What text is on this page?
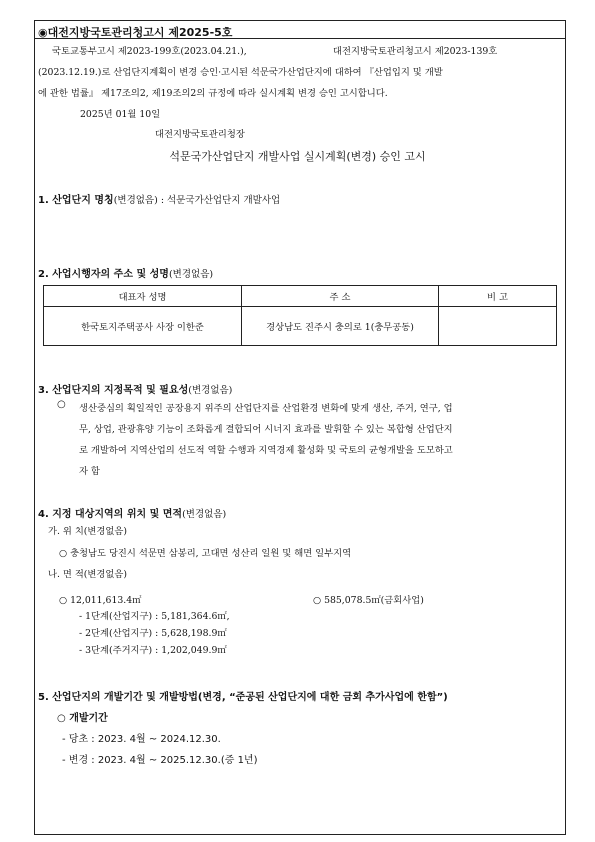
◉대전지방국토관리청고시 제2025-5호
국토교통부고시 제2023-199호(2023.04.21.),	대전지방국토관리청고시 제2023-139호
(2023.12.19.)로 산업단지계획이 변경 승인·고시된 석문국가산업단지에 대하여 『산업입지 및 개발
에 관한 법률』 제17조의2, 제19조의2의 규정에 따라 실시계획 변경 승인 고시합니다.
2025년 01월 10일
대전지방국토관리청장
석문국가산업단지 개발사업 실시계획(변경) 승인 고시
1. 산업단지 명칭(변경없음) : 석문국가산업단지 개발사업
2. 사업시행자의 주소 및 성명(변경없음)
대표자 성명	주 소	비 고
한국토지주택공사 사장 이한준	경상남도 진주시 충의로 1(충무공동)	
3. 산업단지의 지정목적 및 필요성(변경없음)
○ 생산중심의 획일적인 공장용지 위주의 산업단지를 산업환경 변화에 맞게 생산, 주거, 연구, 업
무, 상업, 관광휴양 기능이 조화롭게 결합되어 시너지 효과를 발휘할 수 있는 복합형 산업단지
로 개발하여 지역산업의 선도적 역할 수행과 지역경제 활성화 및 국토의 균형개발을 도모하고
자 함
4. 지정 대상지역의 위치 및 면적(변경없음)
가. 위 치(변경없음)
○ 충청남도 당진시 석문면 삼봉리, 고대면 성산리 일원 및 해면 일부지역
나. 면 적(변경없음)
○ 12,011,613.4㎡	○ 585,078.5㎡(금회사업)
- 1단계(산업지구) : 5,181,364.6㎡,
- 2단계(산업지구) : 5,628,198.9㎡
- 3단계(주거지구) : 1,202,049.9㎡
5. 산업단지의 개발기간 및 개발방법(변경, “준공된 산업단지에 대한 금회 추가사업에 한함”)
○ 개발기간
- 당초 : 2023. 4월 ~ 2024.12.30.
- 변경 : 2023. 4월 ~ 2025.12.30.(증 1년)
